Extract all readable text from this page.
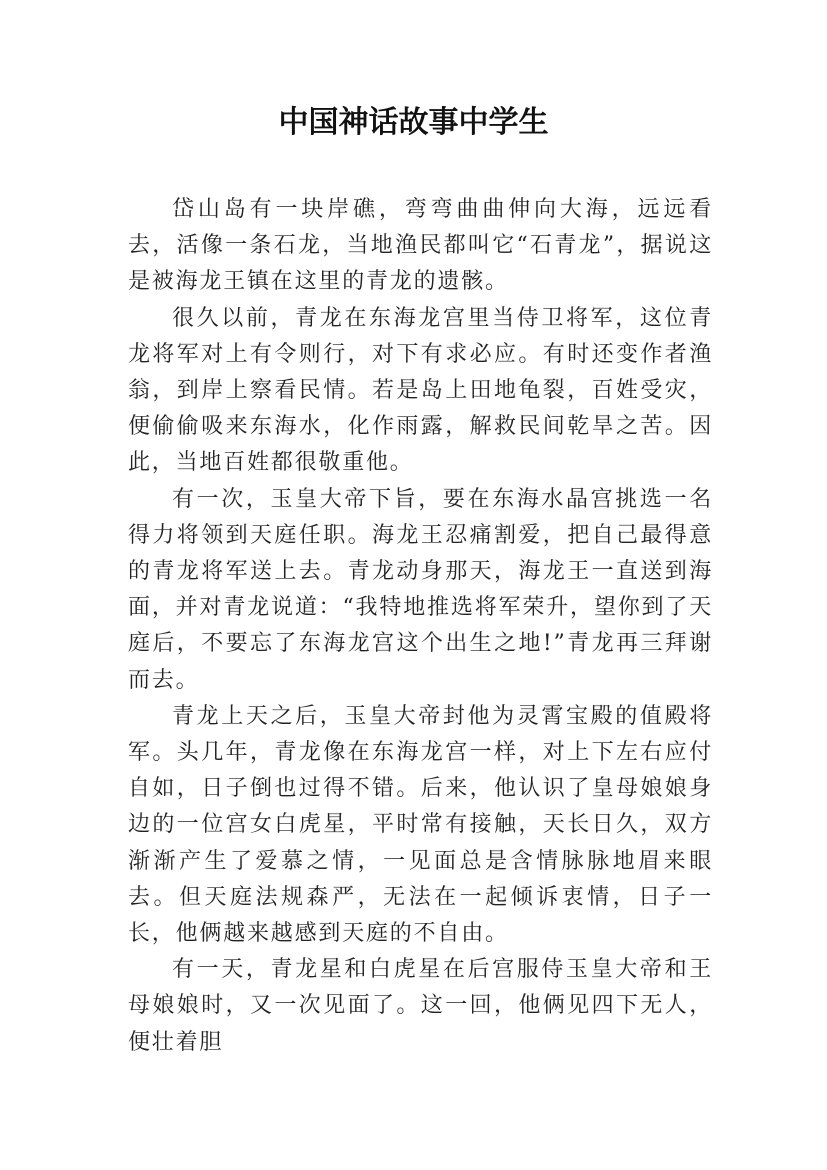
中国神话故事中学生

岱山岛有一块岸礁，弯弯曲曲伸向大海，远远看去，活像一条石龙，当地渔民都叫它“石青龙”，据说这是被海龙王镇在这里的青龙的遗骸。

很久以前，青龙在东海龙宫里当侍卫将军，这位青龙将军对上有令则行，对下有求必应。有时还变作者渔翁，到岸上察看民情。若是岛上田地龟裂，百姓受灾，便偷偷吸来东海水，化作雨露，解救民间乾旱之苦。因此，当地百姓都很敬重他。

有一次，玉皇大帝下旨，要在东海水晶宫挑选一名得力将领到天庭任职。海龙王忍痛割爱，把自己最得意的青龙将军送上去。青龙动身那天，海龙王一直送到海面，并对青龙说道：“我特地推选将军荣升，望你到了天庭后，不要忘了东海龙宫这个出生之地!”青龙再三拜谢而去。

青龙上天之后，玉皇大帝封他为灵霄宝殿的值殿将军。头几年，青龙像在东海龙宫一样，对上下左右应付自如，日子倒也过得不错。后来，他认识了皇母娘娘身边的一位宫女白虎星，平时常有接触，天长日久，双方渐渐产生了爱慕之情，一见面总是含情脉脉地眉来眼去。但天庭法规森严，无法在一起倾诉衷情，日子一长，他俩越来越感到天庭的不自由。

有一天，青龙星和白虎星在后宫服侍玉皇大帝和王母娘娘时，又一次见面了。这一回，他俩见四下无人，便壮着胆
